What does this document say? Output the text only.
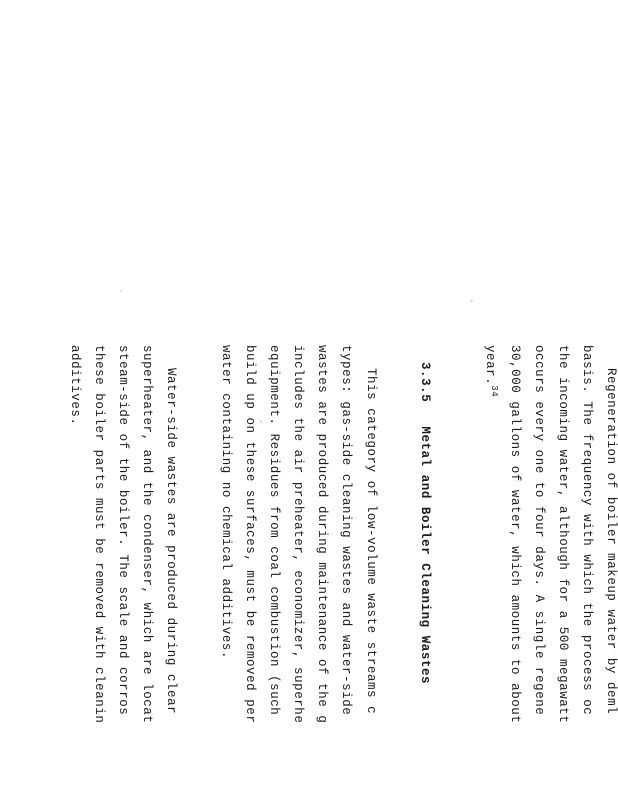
Regeneration of boiler makeup water by deml
basis. The frequency with which the process oc
the incoming water, although for a 500 megawatt
occurs every one to four days. A single regene
30,000 gallons of water, which amounts to about
year.$^{34}$
3.3.5   Metal and Boiler Cleaning Wastes
This category of low-volume waste streams c
types: gas-side cleaning wastes and water-side
wastes are produced during maintenance of the g
includes the air preheater, economizer, superhe
equipment. Residues from coal combustion (such
build up on these surfaces, must be removed per
water containing no chemical additives.
Water-side wastes are produced during clear
superheater, and the condenser, which are locat
steam-side of the boiler. The scale and corros
these boiler parts must be removed with cleanin
additives.
